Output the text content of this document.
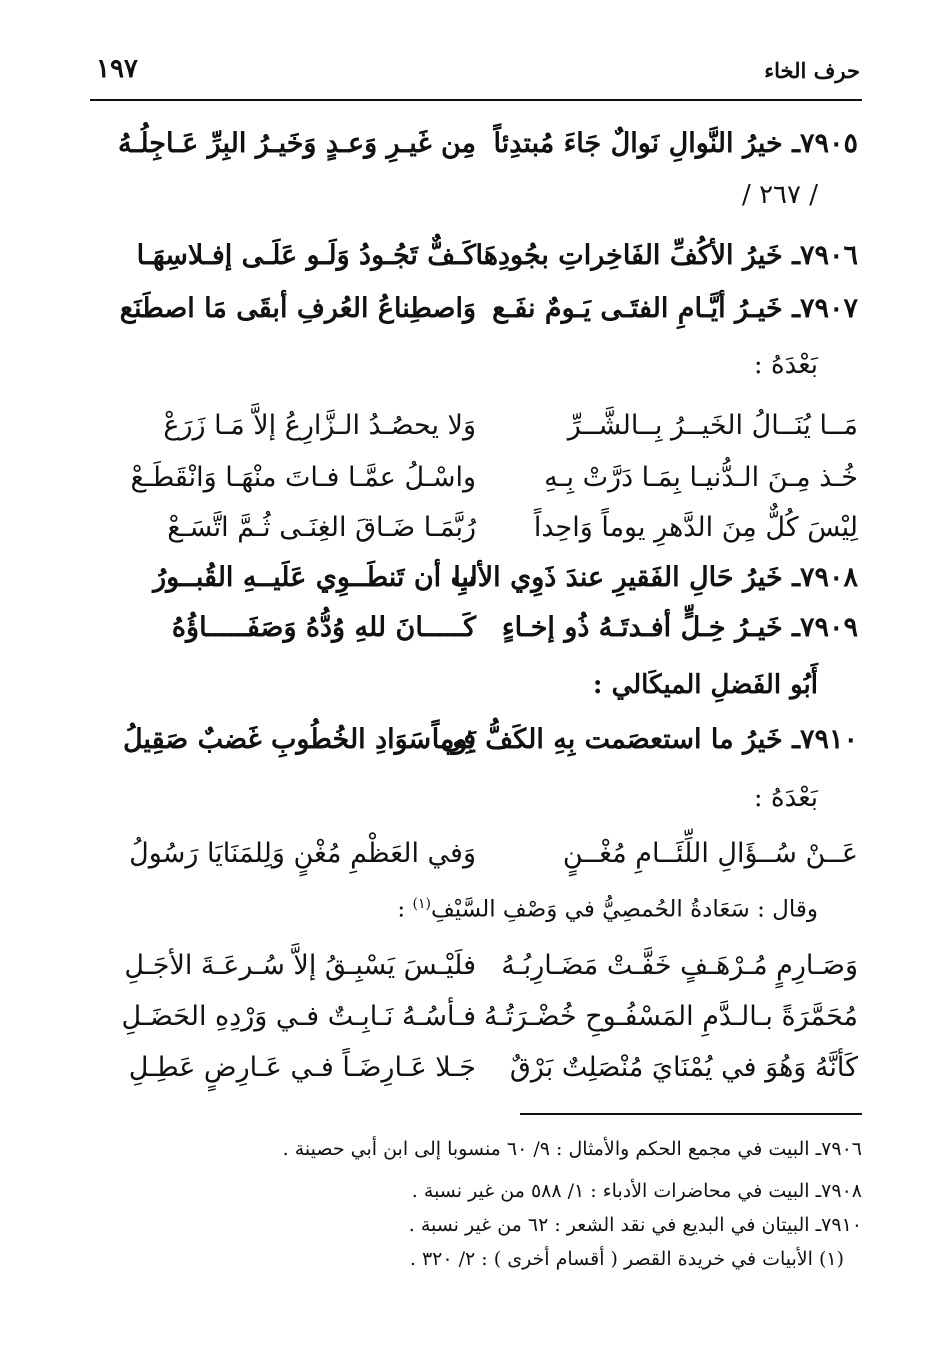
حرف الخاء
١٩٧
٧٩٠٥ـ خيرُ النَّوالِ نَوالٌ جَاءَ مُبتدِئاً
مِن غَيـرِ وَعـدٍ وَخَيـرُ البِرِّ عَـاجِلُـهُ
/ ٢٦٧ /
٧٩٠٦ـ خَيرُ الأكُفِّ الفَاخِراتِ بجُودِهَا
كَـفٌّ تَجُـودُ وَلَـو عَلَـى إفـلاسِهَـا
٧٩٠٧ـ خَيـرُ أيَّـامِ الفتَـى يَـومٌ نفَـع
وَاصطِناعُ العُرفِ أبقَى مَا اصطَنَع
بَعْدَهُ :
مَــا يُنَــالُ الخَيــرُ بِــالشَّــرِّ
وَلا يحصُـدُ الـزَّارِعُ إلاَّ مَـا زَرَعْ
خُـذ مِـنَ الـدُّنيـا بِمَـا دَرَّتْ بِـهِ
واسْـلُ عمَّـا فـاتَ منْهَـا وَانْقَطَـعْ
لِيْسَ كُلٌّ مِنَ الدَّهرِ يوماً وَاحِداً
رُبَّمَـا ضَـاقَ الغِنَـى ثُـمَّ اتَّسَـعْ
٧٩٠٨ـ خَيرُ حَالِ الفَقيرِ عندَ ذَوِي الألبا
بِ أن تَنطَــوِي عَلَيــهِ القُبــورُ
٧٩٠٩ـ خَيـرُ خِـلٍّ أفـدتَـهُ ذُو إخـاءٍ
كَـــــانَ للهِ وُدُّهُ وَصَفَـــــاؤُهُ
أَبُو الفَضلِ الميكَالي :
٧٩١٠ـ خَيرُ ما استعصَمت بِهِ الكَفُّ يَوماً
فِي سَوَادِ الخُطُوبِ غَضبٌ صَقِيلُ
بَعْدَهُ :
عَــنْ سُــؤَالِ اللِّئَــامِ مُغْــنٍ
وَفي العَظْمِ مُغْنٍ وَلِلمَنَايَا رَسُولُ
وقال : سَعَادةُ الحُمصِيُّ في وَصْفِ السَّيْفِ$^{(١)}$ :
وَصَـارِمٍ مُـرْهَـفٍ خَفَّـتْ مَضَـارِبُـهُ
فلَيْـسَ يَسْبِـقُ إلاَّ سُـرعَـةَ الأجَـلِ
مُحَمَّرَةً بـالـدَّمِ المَسْفُـوحِ خُضْـرَتُـهُ
فـأسُـهُ نَـابِـتٌ فـي وَرْدِهِ الحَضَـلِ
كَأنَّهُ وَهُوَ في يُمْنَايَ مُنْصَلِتٌ بَرْقٌ
جَـلا عَـارِضَـاً فـي عَـارِضٍ عَطِـلِ
٧٩٠٦ـ البيت في مجمع الحكم والأمثال : ٩/ ٦٠ منسوبا إلى ابن أبي حصينة .
٧٩٠٨ـ البيت في محاضرات الأدباء : ١/ ٥٨٨ من غير نسبة .
٧٩١٠ـ البيتان في البديع في نقد الشعر : ٦٢ من غير نسبة .
(١) الأبيات في خريدة القصر ( أقسام أخرى ) : ٢/ ٣٢٠ .
